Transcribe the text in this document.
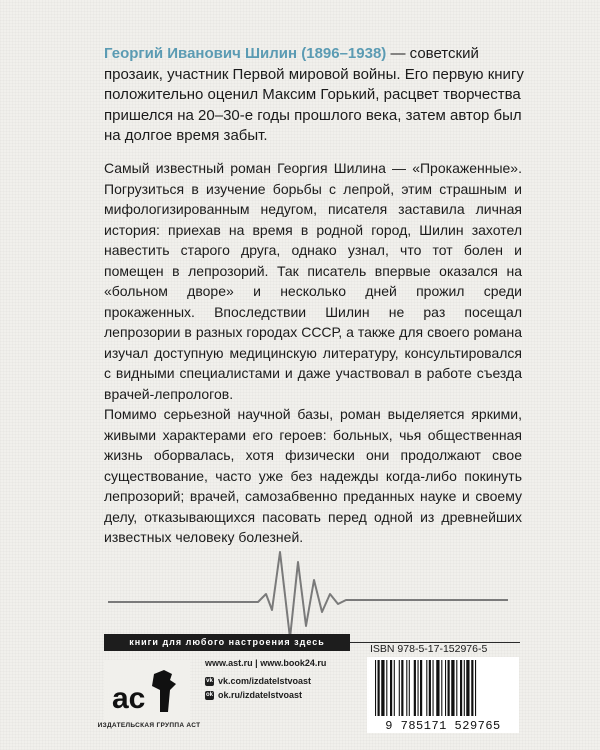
Георгий Иванович Шилин (1896–1938) — советский прозаик, участник Первой мировой войны. Его первую книгу положительно оценил Максим Горький, расцвет творчества пришелся на 20–30-е годы прошлого века, затем автор был на долгое время забыт.

Самый известный роман Георгия Шилина — «Прокаженные». Погрузиться в изучение борьбы с лепрой, этим страшным и мифологизированным недугом, писателя заставила личная история: приехав на время в родной город, Шилин захотел навестить старого друга, однако узнал, что тот болен и помещен в лепрозорий. Так писатель впервые оказался на «больном дворе» и несколько дней прожил среди прокаженных. Впоследствии Шилин не раз посещал лепрозории в разных городах СССР, а также для своего романа изучал доступную медицинскую литературу, консультировался с видными специалистами и даже участвовал в работе съезда врачей-лепрологов.

Помимо серьезной научной базы, роман выделяется яркими, живыми характерами его героев: больных, чья общественная жизнь оборвалась, хотя физически они продолжают свое существование, часто уже без надежды когда-либо покинуть лепрозорий; врачей, самозабвенно преданных науке и своему делу, отказывающихся пасовать перед одной из древнейших известных человеку болезней.

книги для любого настроения здесь
ac
ИЗДАТЕЛЬСКАЯ ГРУППА АСТ
www.ast.ru | www.book24.ru
vk vk.com/izdatelstvoast
ok ok.ru/izdatelstvoast
ISBN 978-5-17-152976-5
9 785171 529765
